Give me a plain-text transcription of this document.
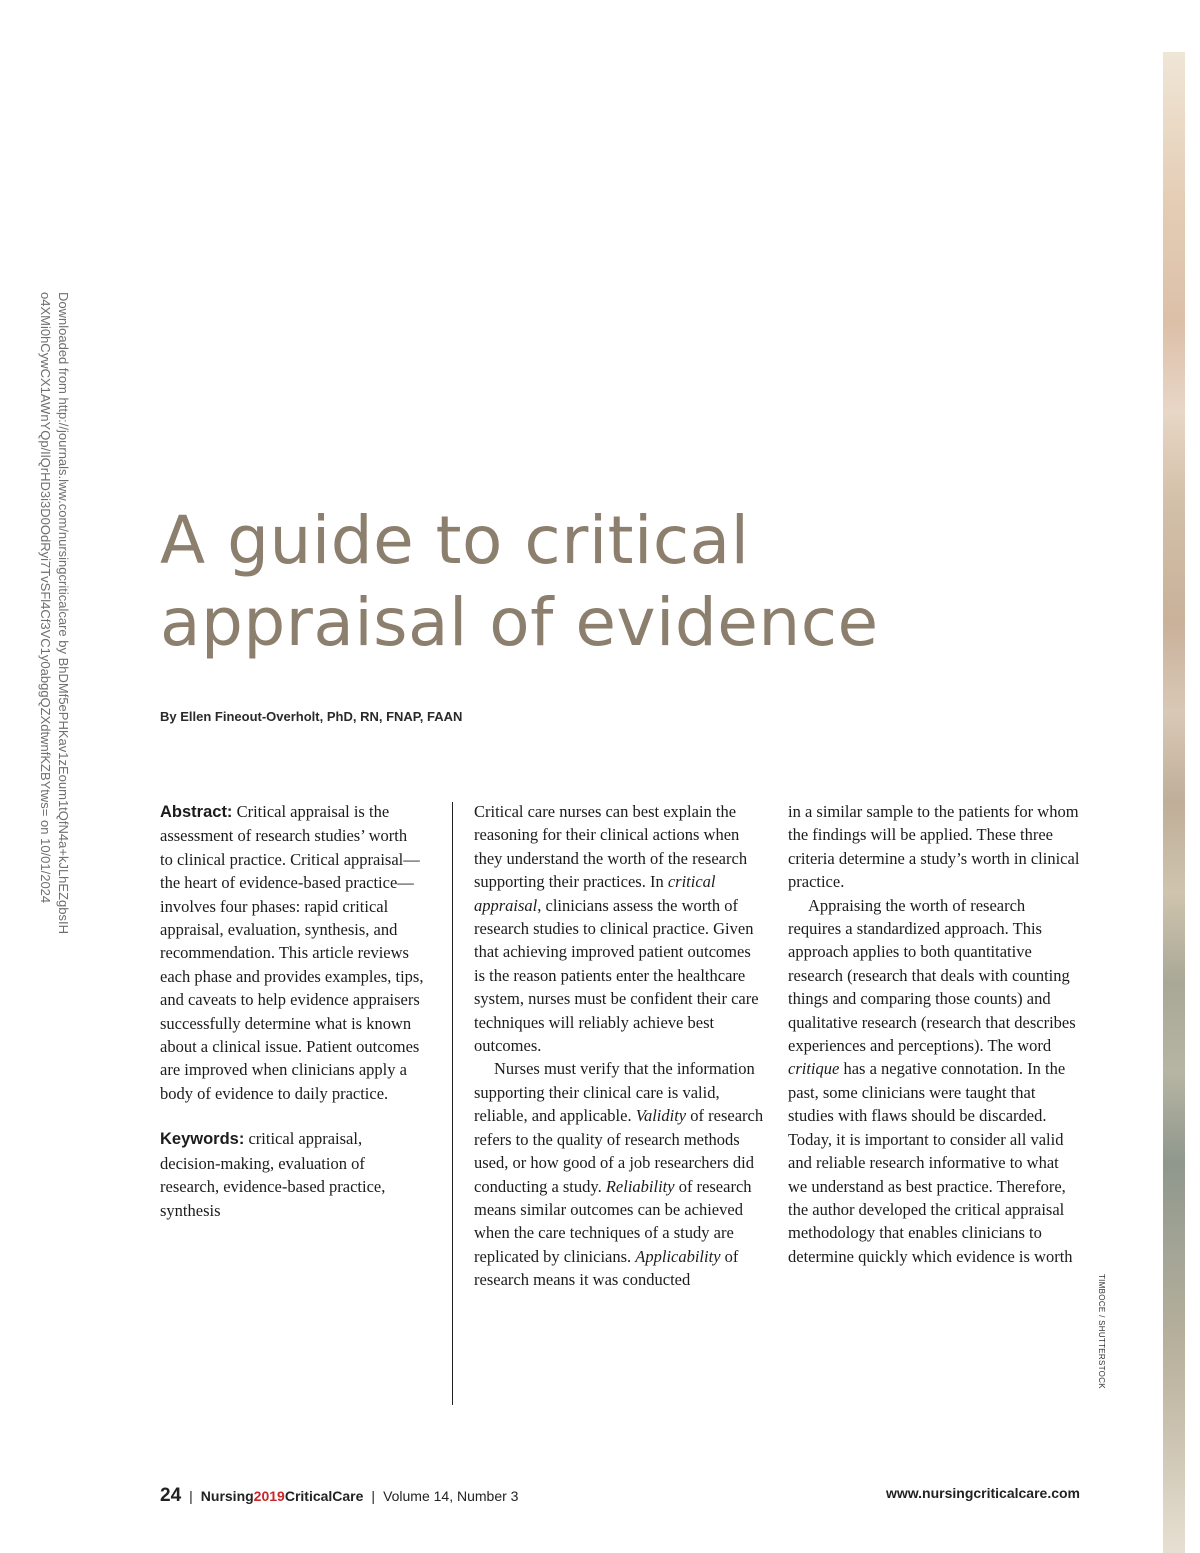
Downloaded from http://journals.lww.com/nursingcriticalcare by BhDMf5ePHKav1zEoum1tQfN4a+kJLhEZgbsIH
o4XMi0hCywCX1AWnYQp/IlQrHD3i3D0OdRyi7TvSFl4Cf3VC1y0abggQZXdtwnfKZBYtws= on 10/01/2024
TIMBOCE / SHUTTERSTOCK
A guide to critical
appraisal of evidence
By Ellen Fineout-Overholt, PhD, RN, FNAP, FAAN

Abstract: Critical appraisal is the assessment of research studies’ worth to clinical practice. Critical appraisal—the heart of evidence-based practice—involves four phases: rapid critical appraisal, evaluation, synthesis, and recommendation. This article reviews each phase and provides examples, tips, and caveats to help evidence appraisers successfully determine what is known about a clinical issue. Patient outcomes are improved when clinicians apply a body of evidence to daily practice.

Keywords: critical appraisal, decision-making, evaluation of research, evidence-based practice, synthesis

Critical care nurses can best explain the reasoning for their clinical actions when they understand the worth of the research supporting their practices. In critical appraisal, clinicians assess the worth of research studies to clinical practice. Given that achieving improved patient outcomes is the reason patients enter the healthcare system, nurses must be confident their care techniques will reliably achieve best outcomes.

Nurses must verify that the information supporting their clinical care is valid, reliable, and applicable. Validity of research refers to the quality of research methods used, or how good of a job researchers did conducting a study. Reliability of research means similar outcomes can be achieved when the care techniques of a study are replicated by clinicians. Applicability of research means it was conducted

in a similar sample to the patients for whom the findings will be applied. These three criteria determine a study’s worth in clinical practice.

Appraising the worth of research requires a standardized approach. This approach applies to both quantitative research (research that deals with counting things and comparing those counts) and qualitative research (research that describes experiences and perceptions). The word critique has a negative connotation. In the past, some clinicians were taught that studies with flaws should be discarded. Today, it is important to consider all valid and reliable research informative to what we understand as best practice. Therefore, the author developed the critical appraisal methodology that enables clinicians to determine quickly which evidence is worth

24 | Nursing2019CriticalCare | Volume 14, Number 3	www.nursingcriticalcare.com
